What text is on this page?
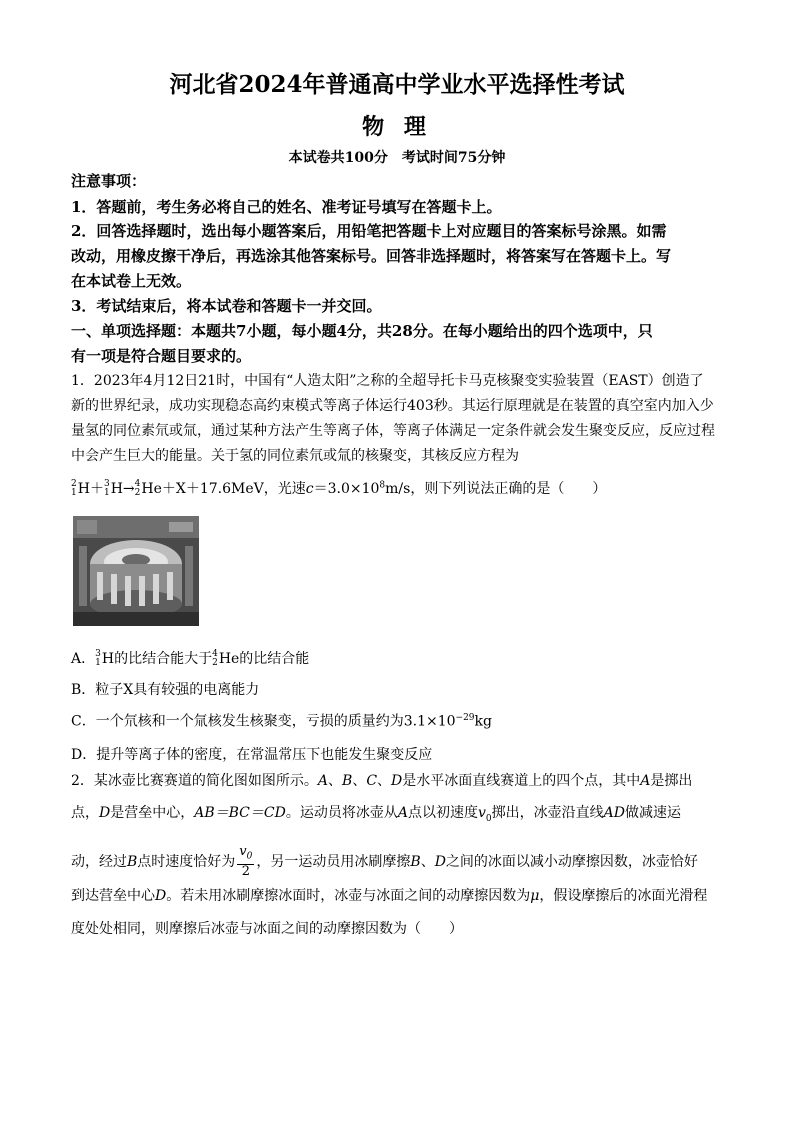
河北省2024年普通高中学业水平选择性考试
物 理
本试卷共100分　考试时间75分钟
注意事项：
1．答题前，考生务必将自己的姓名、准考证号填写在答题卡上。
2．回答选择题时，选出每小题答案后，用铅笔把答题卡上对应题目的答案标号涂黑。如需
改动，用橡皮擦干净后，再选涂其他答案标号。回答非选择题时，将答案写在答题卡上。写
在本试卷上无效。
3．考试结束后，将本试卷和答题卡一并交回。
一、单项选择题：本题共7小题，每小题4分，共28分。在每小题给出的四个选项中，只
有一项是符合题目要求的。
1．2023年4月12日21时，中国有“人造太阳”之称的全超导托卡马克核聚变实验装置（EAST）创造了
新的世界纪录，成功实现稳态高约束模式等离子体运行403秒。其运行原理就是在装置的真空室内加入少
量氢的同位素氘或氚，通过某种方法产生等离子体，等离子体满足一定条件就会发生聚变反应，反应过程
中会产生巨大的能量。关于氢的同位素氘或氚的核聚变，其核反应方程为
2
1 H＋ 3
1 H→ 4
2 He＋X＋17.6MeV，光速$c=3.0\times 10^8m/s$，则下列说法正确的是（　　）
A． 3
1 H的比结合能大于 4
2 He的比结合能
B．粒子X具有较强的电离能力
C．一个氘核和一个氚核发生核聚变，亏损的质量约为$3.1\times 10^{-29}kg$
D．提升等离子体的密度，在常温常压下也能发生聚变反应
2．某冰壶比赛赛道的简化图如图所示。A、B、C、D是水平冰面直线赛道上的四个点，其中A是掷出
点，D是营垒中心，AB＝BC＝CD。运动员将冰壶从A点以初速度$v_0$掷出，冰壶沿直线AD做减速运
动，经过B点时速度恰好为 $\frac{v_0}{2}$ ，另一运动员用冰刷摩擦B、D之间的冰面以减小动摩擦因数，冰壶恰好
到达营垒中心D。若未用冰刷摩擦冰面时，冰壶与冰面之间的动摩擦因数为μ，假设摩擦后的冰面光滑程
度处处相同，则摩擦后冰壶与冰面之间的动摩擦因数为（　　）
